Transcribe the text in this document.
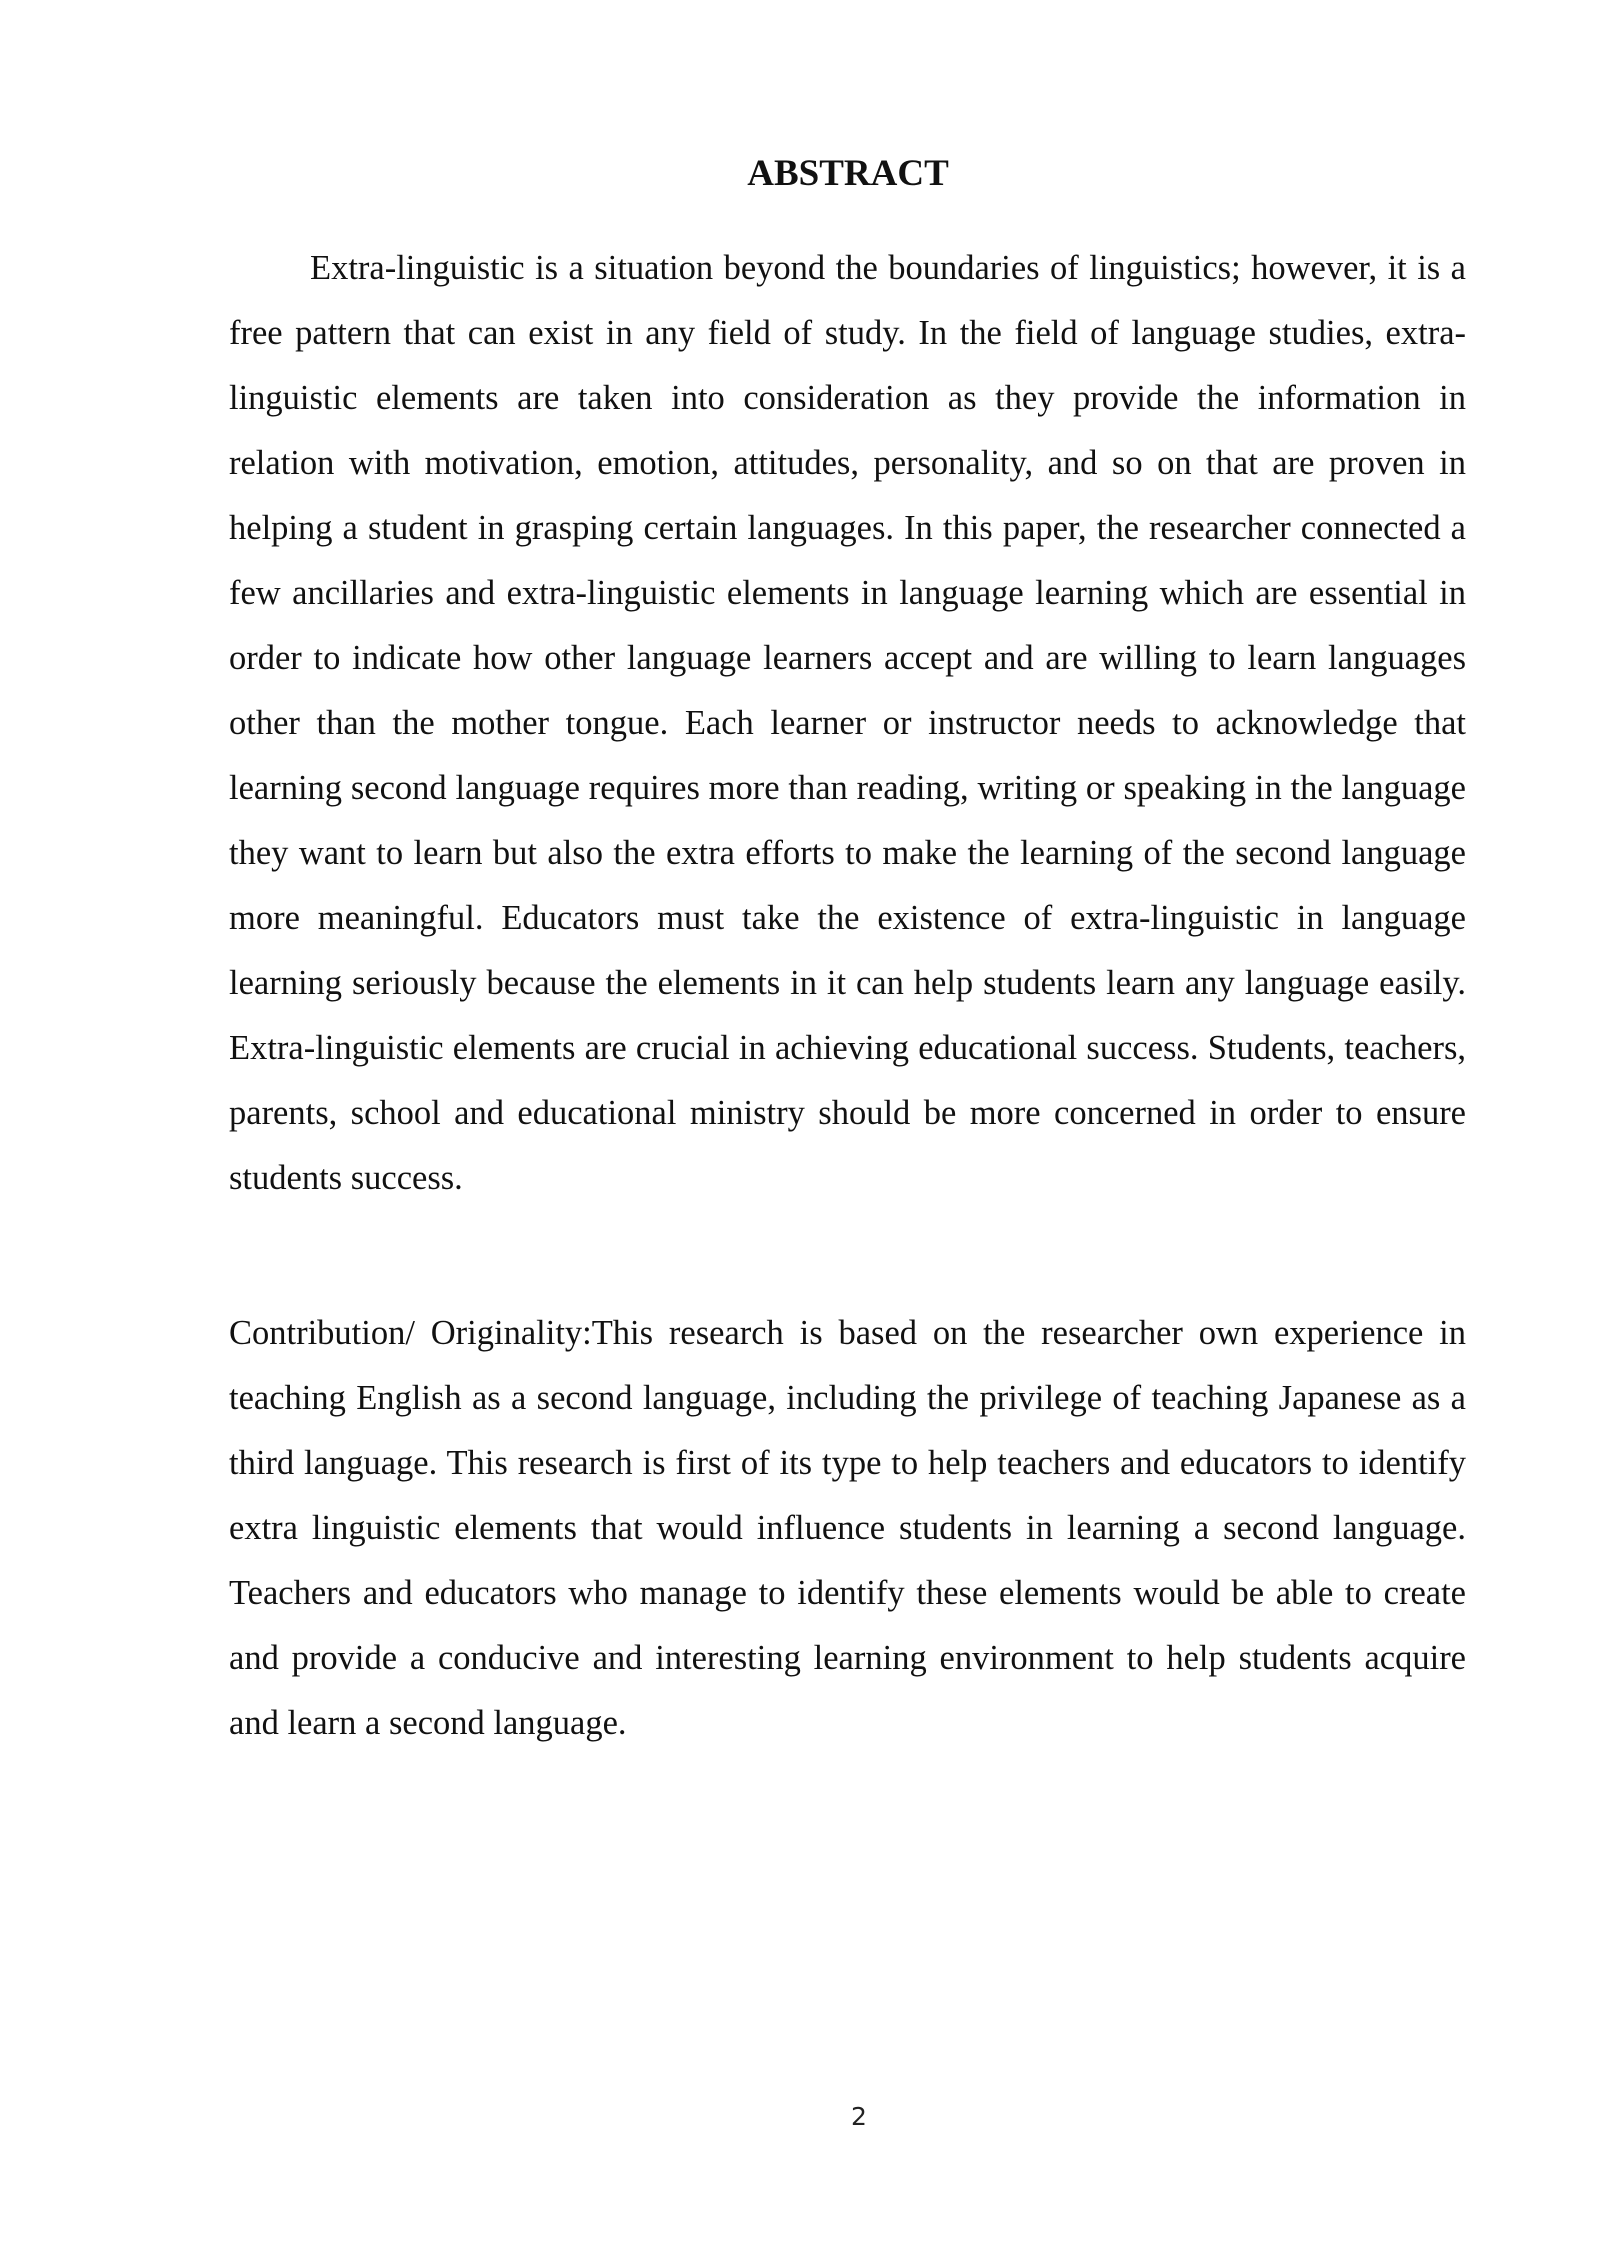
ABSTRACT

Extra-linguistic is a situation beyond the boundaries of linguistics; however, it is a free pattern that can exist in any field of study. In the field of language studies, extra-linguistic elements are taken into consideration as they provide the information in relation with motivation, emotion, attitudes, personality, and so on that are proven in helping a student in grasping certain languages. In this paper, the researcher connected a few ancillaries and extra-linguistic elements in language learning which are essential in order to indicate how other language learners accept and are willing to learn languages other than the mother tongue. Each learner or instructor needs to acknowledge that learning second language requires more than reading, writing or speaking in the language they want to learn but also the extra efforts to make the learning of the second language more meaningful. Educators must take the existence of extra-linguistic in language learning seriously because the elements in it can help students learn any language easily. Extra-linguistic elements are crucial in achieving educational success. Students, teachers, parents, school and educational ministry should be more concerned in order to ensure students success.

Contribution/ Originality:This research is based on the researcher own experience in teaching English as a second language, including the privilege of teaching Japanese as a third language. This research is first of its type to help teachers and educators to identify extra linguistic elements that would influence students in learning a second language. Teachers and educators who manage to identify these elements would be able to create and provide a conducive and interesting learning environment to help students acquire and learn a second language.

2
